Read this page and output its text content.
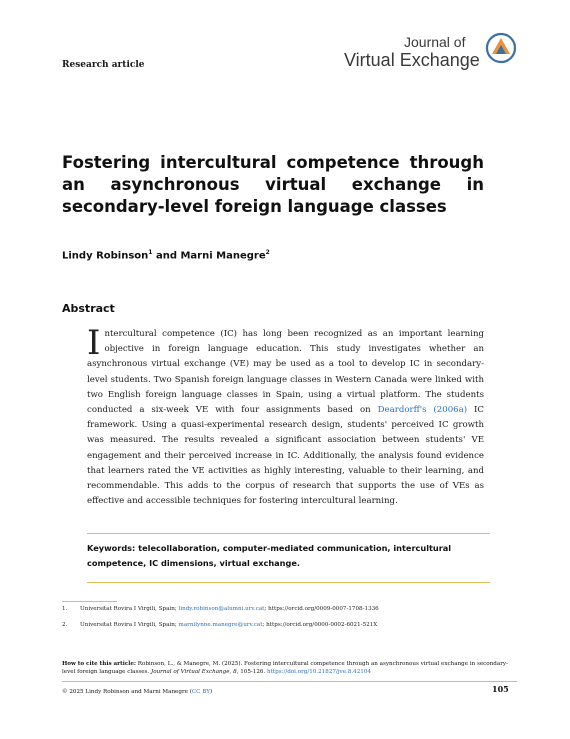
Research article
Journal of
Virtual Exchange
Fostering intercultural competence through an asynchronous virtual exchange in secondary-level foreign language classes
Lindy Robinson$^1$ and Marni Manegre$^2$
Abstract
Intercultural competence (IC) has long been recognized as an important learning objective in foreign language education. This study investigates whether an asynchronous virtual exchange (VE) may be used as a tool to develop IC in secondary-level students. Two Spanish foreign language classes in Western Canada were linked with two English foreign language classes in Spain, using a virtual platform. The students conducted a six-week VE with four assignments based on Deardorff's (2006a) IC framework. Using a quasi-experimental research design, students' perceived IC growth was measured. The results revealed a significant association between students' VE engagement and their perceived increase in IC. Additionally, the analysis found evidence that learners rated the VE activities as highly interesting, valuable to their learning, and recommendable. This adds to the corpus of research that supports the use of VEs as effective and accessible techniques for fostering intercultural learning.
Keywords: telecollaboration, computer-mediated communication, intercultural competence, IC dimensions, virtual exchange.
1. Universitat Rovira I Virgili, Spain; lindy.robinson@alumni.urv.cat; https://orcid.org/0009-0007-1708-1336
2. Universitat Rovira I Virgili, Spain; marnilynne.manegre@urv.cat; https://orcid.org/0000-0002-6021-521X
How to cite this article: Robinson, L., & Manegre, M. (2025). Fostering intercultural competence through an asynchronous virtual exchange in secondary-level foreign language classes. Journal of Virtual Exchange, 8, 105-126. https://doi.org/10.21827/jve.8.42104
© 2025 Lindy Robinson and Marni Manegre (CC BY)	105
